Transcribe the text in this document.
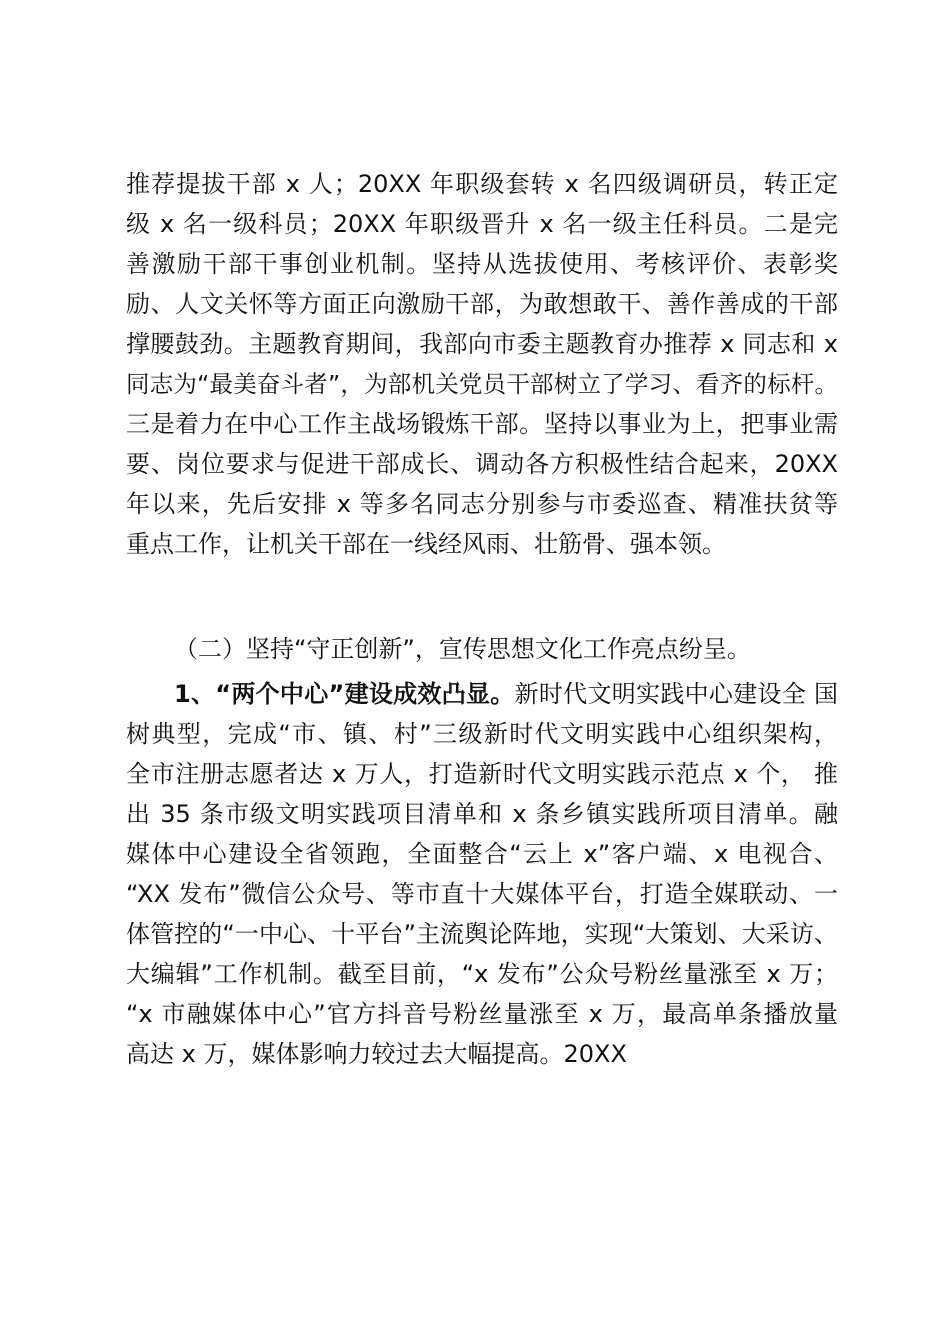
推荐提拔干部 x 人；20XX 年职级套转 x 名四级调研员，转正定
级 x 名一级科员；20XX 年职级晋升 x 名一级主任科员。二是完
善激励干部干事创业机制。坚持从选拔使用、考核评价、表彰奖
励、人文关怀等方面正向激励干部，为敢想敢干、善作善成的干部
撑腰鼓劲。主题教育期间，我部向市委主题教育办推荐 x 同志和 x
同志为“最美奋斗者”，为部机关党员干部树立了学习、看齐的标杆。
三是着力在中心工作主战场锻炼干部。坚持以事业为上，把事业需
要、岗位要求与促进干部成长、调动各方积极性结合起来，20XX
年以来，先后安排 x 等多名同志分别参与市委巡查、精准扶贫等
重点工作，让机关干部在一线经风雨、壮筋骨、强本领。
（二）坚持“守正创新”，宣传思想文化工作亮点纷呈。
1、“两个中心”建设成效凸显。新时代文明实践中心建设全 国
树典型，完成“市、镇、村”三级新时代文明实践中心组织架构，
全市注册志愿者达 x 万人，打造新时代文明实践示范点 x 个， 推
出 35 条市级文明实践项目清单和 x 条乡镇实践所项目清单。融
媒体中心建设全省领跑，全面整合“云上 x”客户端、x 电视合、
“XX 发布”微信公众号、等市直十大媒体平台，打造全媒联动、一
体管控的“一中心、十平台”主流舆论阵地，实现“大策划、大采访、
大编辑”工作机制。截至目前，“x 发布”公众号粉丝量涨至 x 万；
“x 市融媒体中心”官方抖音号粉丝量涨至 x 万，最高单条播放量
高达 x 万，媒体影响力较过去大幅提高。20XX
